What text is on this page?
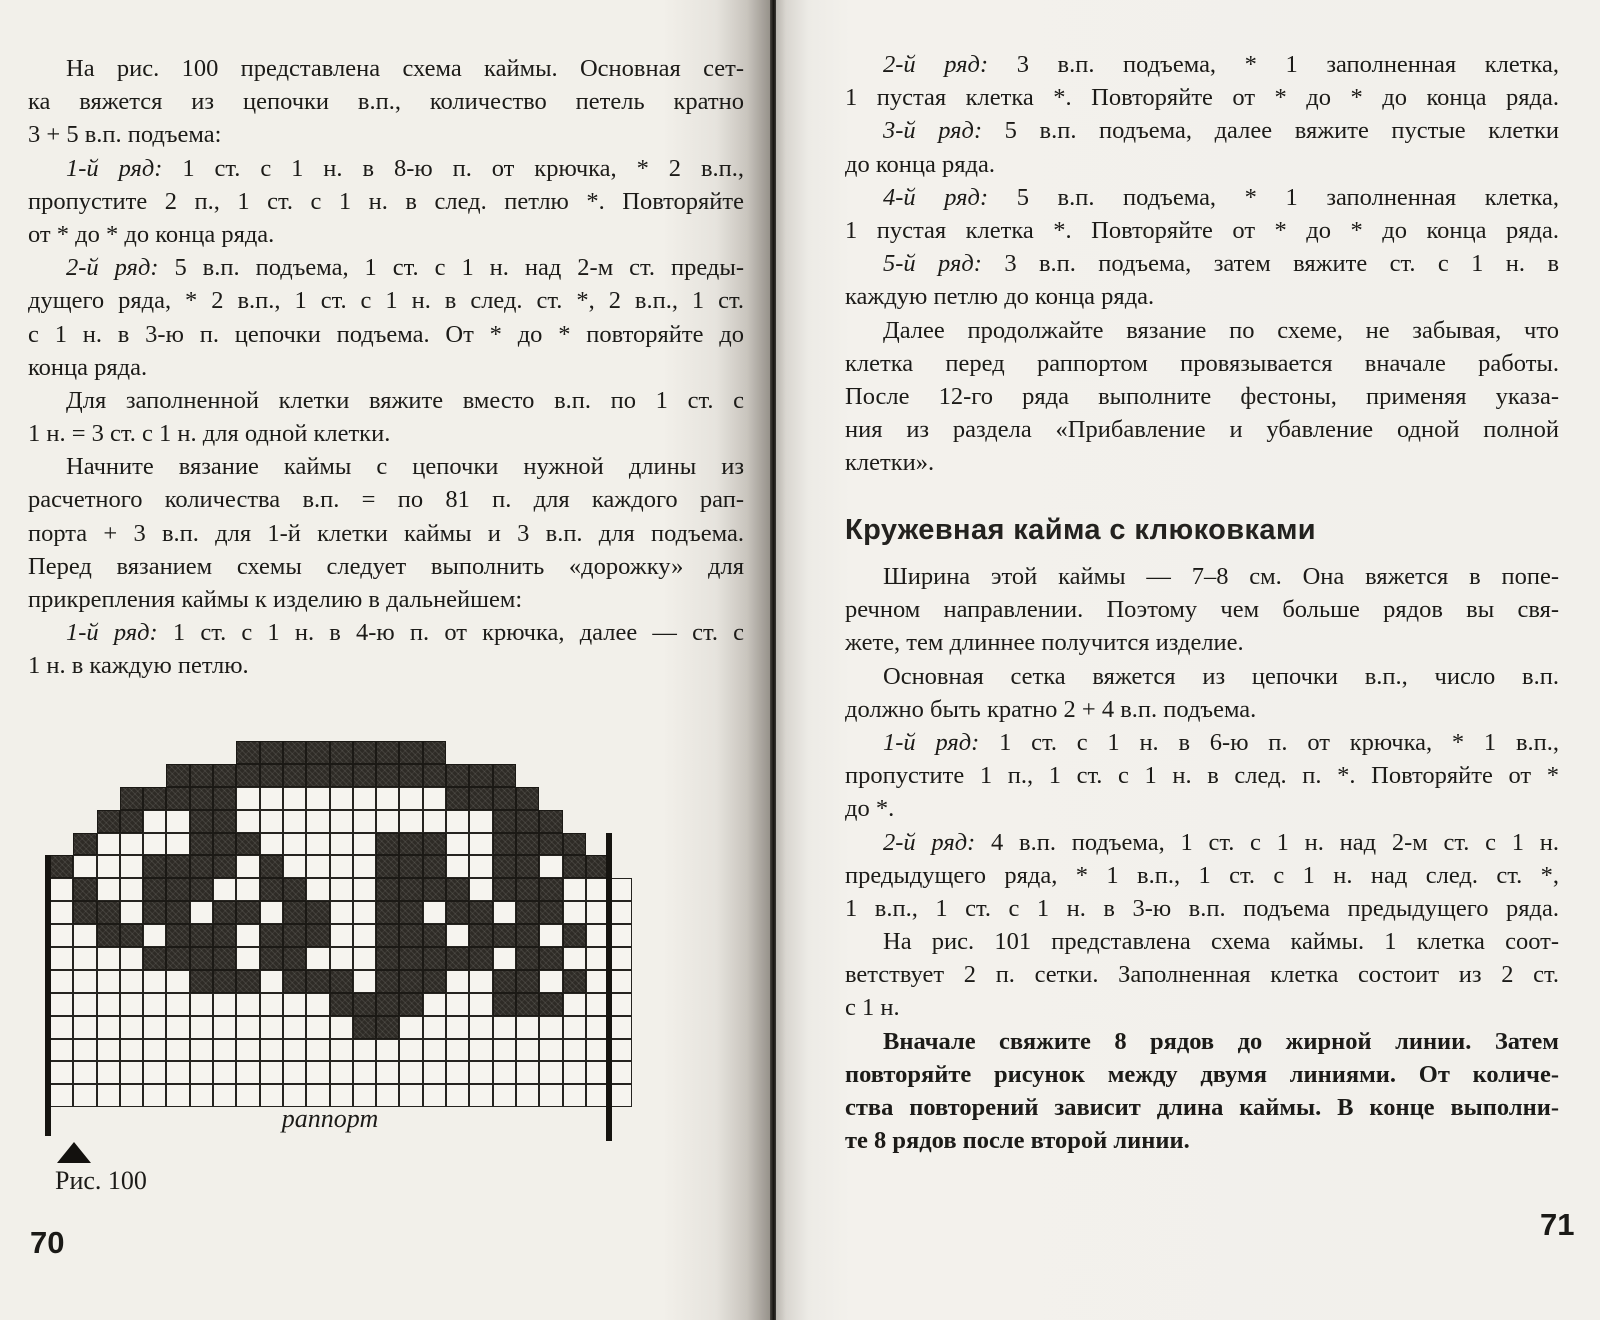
На рис. 100 представлена схема каймы. Основная сет-
ка вяжется из цепочки в.п., количество петель кратно
3 + 5 в.п. подъема:
1-й ряд: 1 ст. с 1 н. в 8-ю п. от крючка, * 2 в.п.,
пропустите 2 п., 1 ст. с 1 н. в след. петлю *. Повторяйте
от * до * до конца ряда.
2-й ряд: 5 в.п. подъема, 1 ст. с 1 н. над 2-м ст. преды-
дущего ряда, * 2 в.п., 1 ст. с 1 н. в след. ст. *, 2 в.п., 1 ст.
с 1 н. в 3-ю п. цепочки подъема. От * до * повторяйте до
конца ряда.
Для заполненной клетки вяжите вместо в.п. по 1 ст. с
1 н. = 3 ст. с 1 н. для одной клетки.
Начните вязание каймы с цепочки нужной длины из
расчетного количества в.п. = по 81 п. для каждого рап-
порта + 3 в.п. для 1-й клетки каймы и 3 в.п. для подъема.
Перед вязанием схемы следует выполнить «дорожку» для
прикрепления каймы к изделию в дальнейшем:
1-й ряд: 1 ст. с 1 н. в 4-ю п. от крючка, далее — ст. с
1 н. в каждую петлю.
раппорт
Рис. 100
70
2-й ряд: 3 в.п. подъема, * 1 заполненная клетка,
1 пустая клетка *. Повторяйте от * до * до конца ряда.
3-й ряд: 5 в.п. подъема, далее вяжите пустые клетки
до конца ряда.
4-й ряд: 5 в.п. подъема, * 1 заполненная клетка,
1 пустая клетка *. Повторяйте от * до * до конца ряда.
5-й ряд: 3 в.п. подъема, затем вяжите ст. с 1 н. в
каждую петлю до конца ряда.
Далее продолжайте вязание по схеме, не забывая, что
клетка перед раппортом провязывается вначале работы.
После 12-го ряда выполните фестоны, применяя указа-
ния из раздела «Прибавление и убавление одной полной
клетки».
Кружевная кайма с клюковками
Ширина этой каймы — 7–8 см. Она вяжется в попе-
речном направлении. Поэтому чем больше рядов вы свя-
жете, тем длиннее получится изделие.
Основная сетка вяжется из цепочки в.п., число в.п.
должно быть кратно 2 + 4 в.п. подъема.
1-й ряд: 1 ст. с 1 н. в 6-ю п. от крючка, * 1 в.п.,
пропустите 1 п., 1 ст. с 1 н. в след. п. *. Повторяйте от *
до *.
2-й ряд: 4 в.п. подъема, 1 ст. с 1 н. над 2-м ст. с 1 н.
предыдущего ряда, * 1 в.п., 1 ст. с 1 н. над след. ст. *,
1 в.п., 1 ст. с 1 н. в 3-ю в.п. подъема предыдущего ряда.
На рис. 101 представлена схема каймы. 1 клетка соот-
ветствует 2 п. сетки. Заполненная клетка состоит из 2 ст.
с 1 н.
Вначале свяжите 8 рядов до жирной линии. Затем
повторяйте рисунок между двумя линиями. От количе-
ства повторений зависит длина каймы. В конце выполни-
те 8 рядов после второй линии.
71
